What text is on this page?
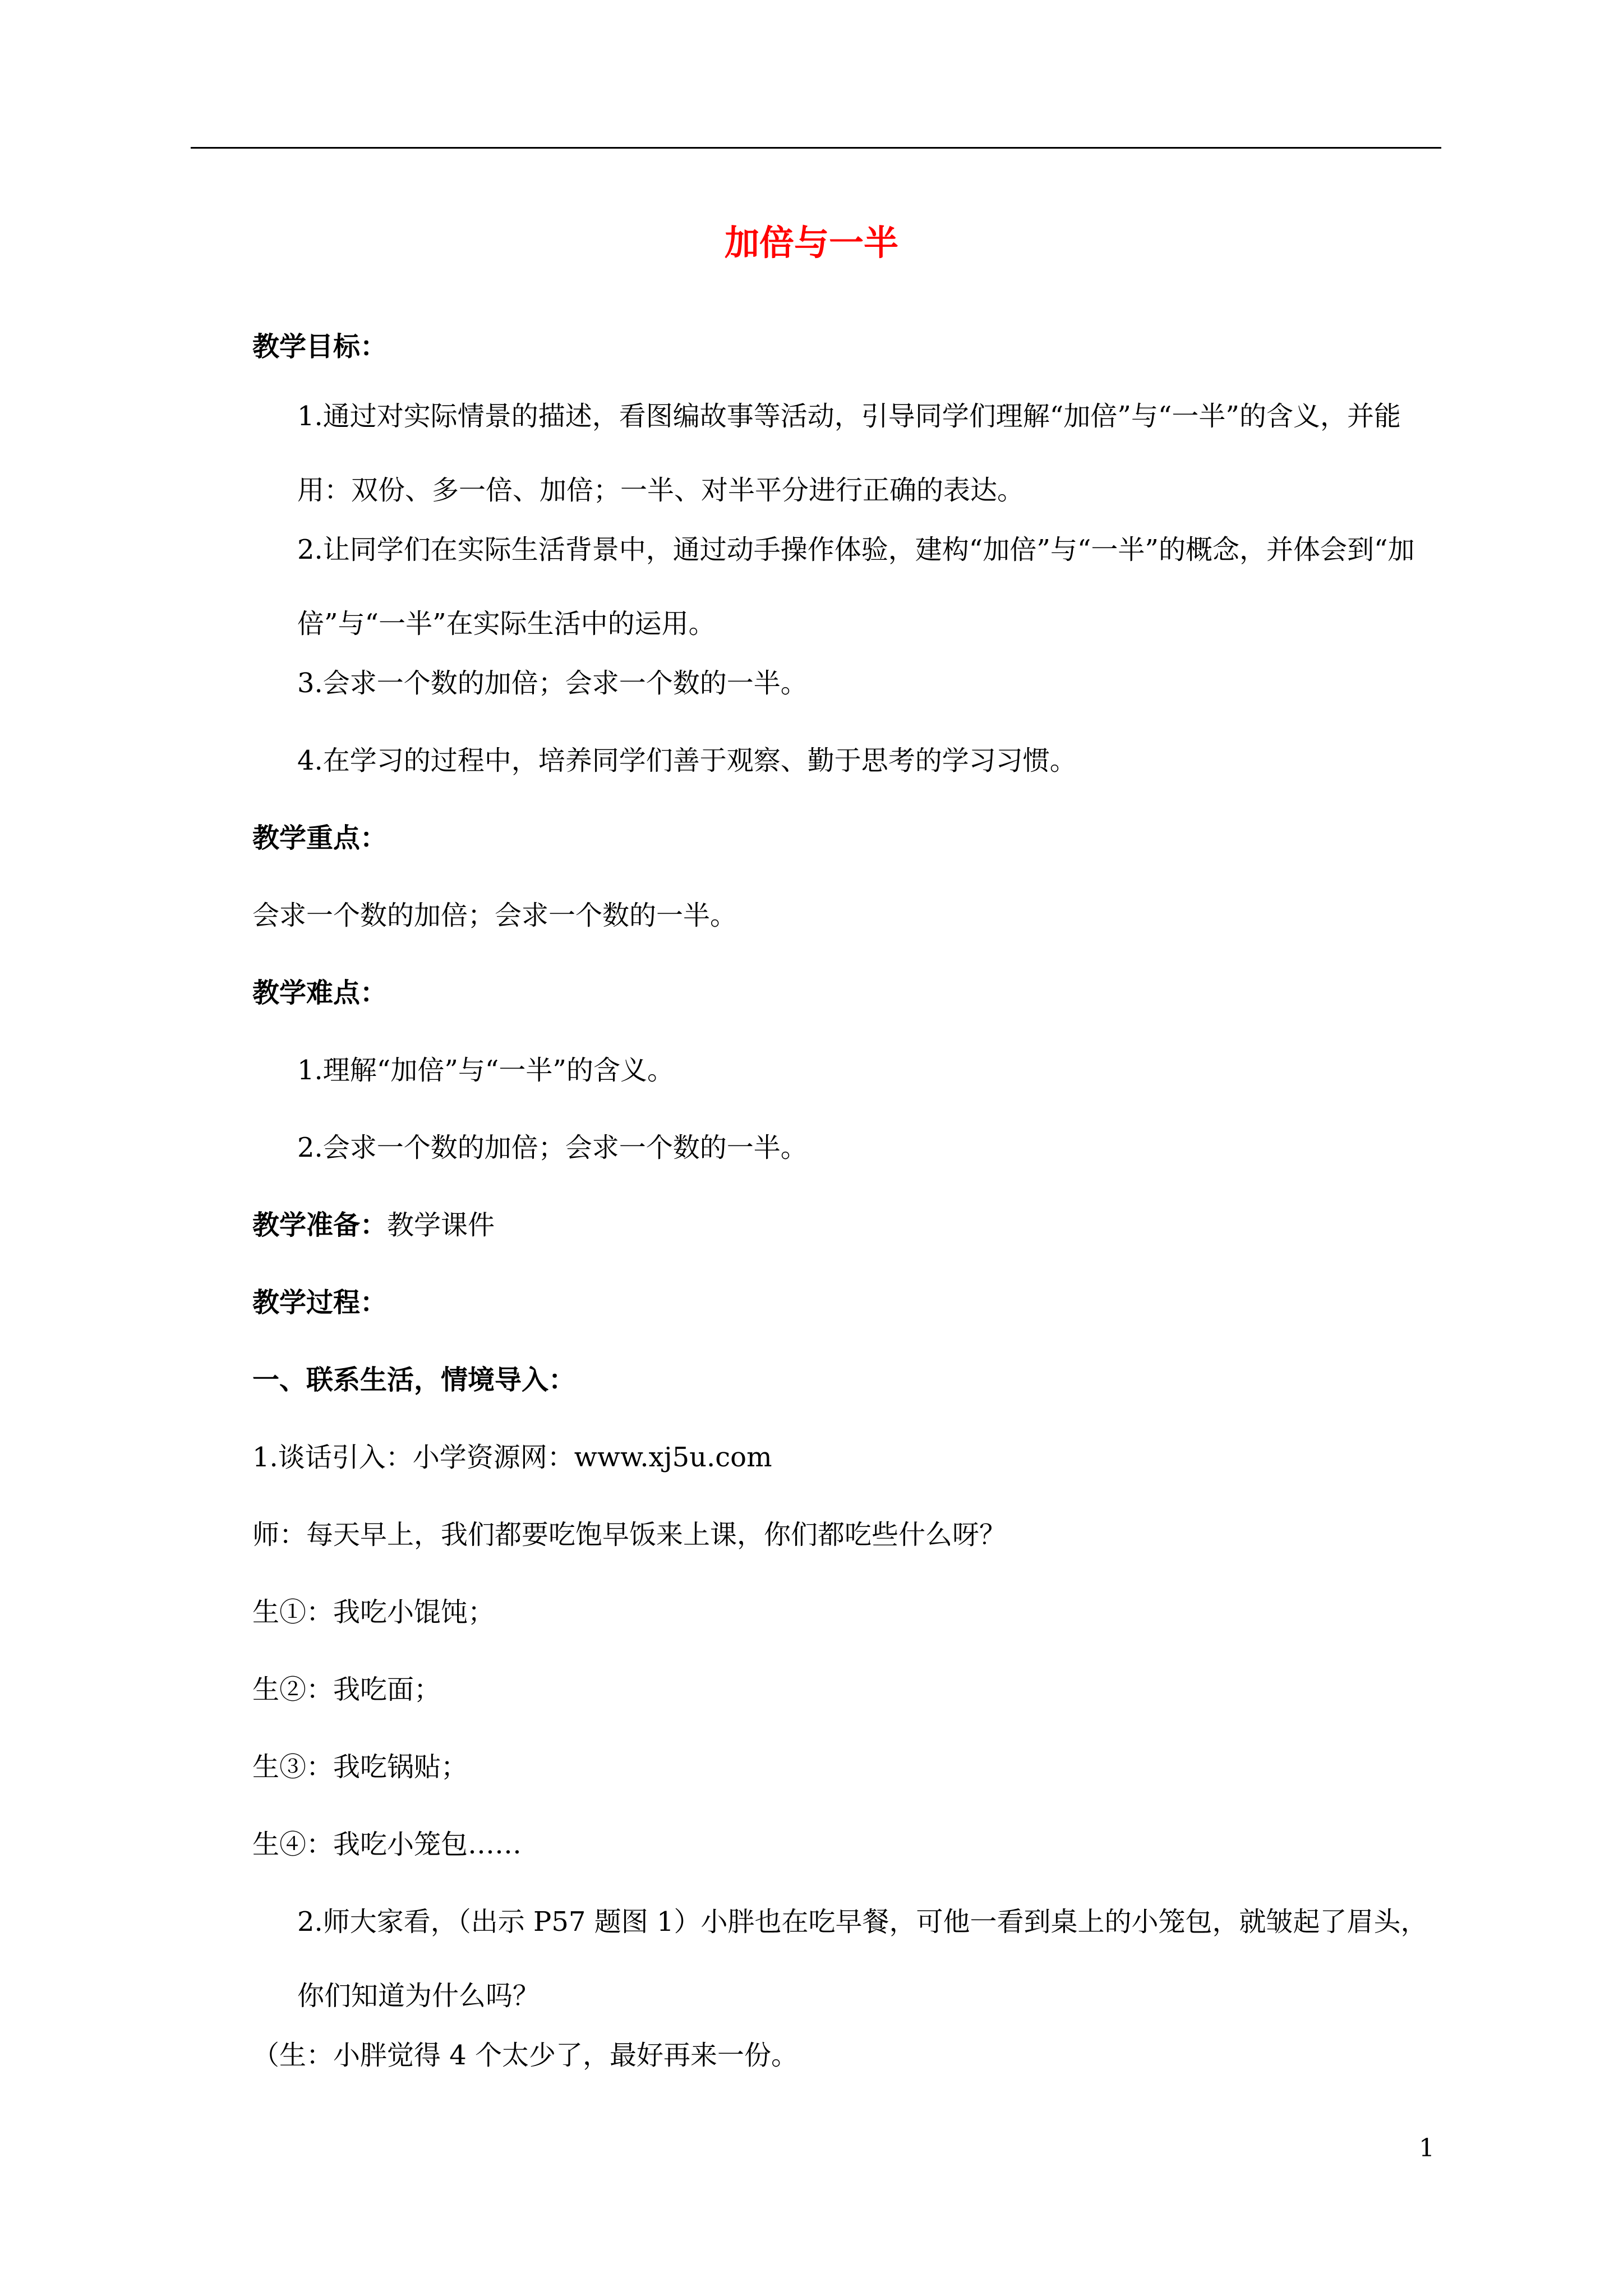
加倍与一半
教学目标：
1.通过对实际情景的描述，看图编故事等活动，引导同学们理解“加倍”与“一半”的含义，并能用：双份、多一倍、加倍；一半、对半平分进行正确的表达。
2.让同学们在实际生活背景中，通过动手操作体验，建构“加倍”与“一半”的概念，并体会到“加倍”与“一半”在实际生活中的运用。
3.会求一个数的加倍；会求一个数的一半。
4.在学习的过程中，培养同学们善于观察、勤于思考的学习习惯。
教学重点：
会求一个数的加倍；会求一个数的一半。
教学难点：
1.理解“加倍”与“一半”的含义。
2.会求一个数的加倍；会求一个数的一半。
教学准备：教学课件
教学过程：
一、联系生活，情境导入：
1.谈话引入：小学资源网：www.xj5u.com
师：每天早上，我们都要吃饱早饭来上课，你们都吃些什么呀？
生①：我吃小馄饨；
生②：我吃面；
生③：我吃锅贴；
生④：我吃小笼包……
2.师大家看，（出示 P57 题图 1）小胖也在吃早餐，可他一看到桌上的小笼包，就皱起了眉头，你们知道为什么吗？
（生：小胖觉得 4 个太少了，最好再来一份。
1
